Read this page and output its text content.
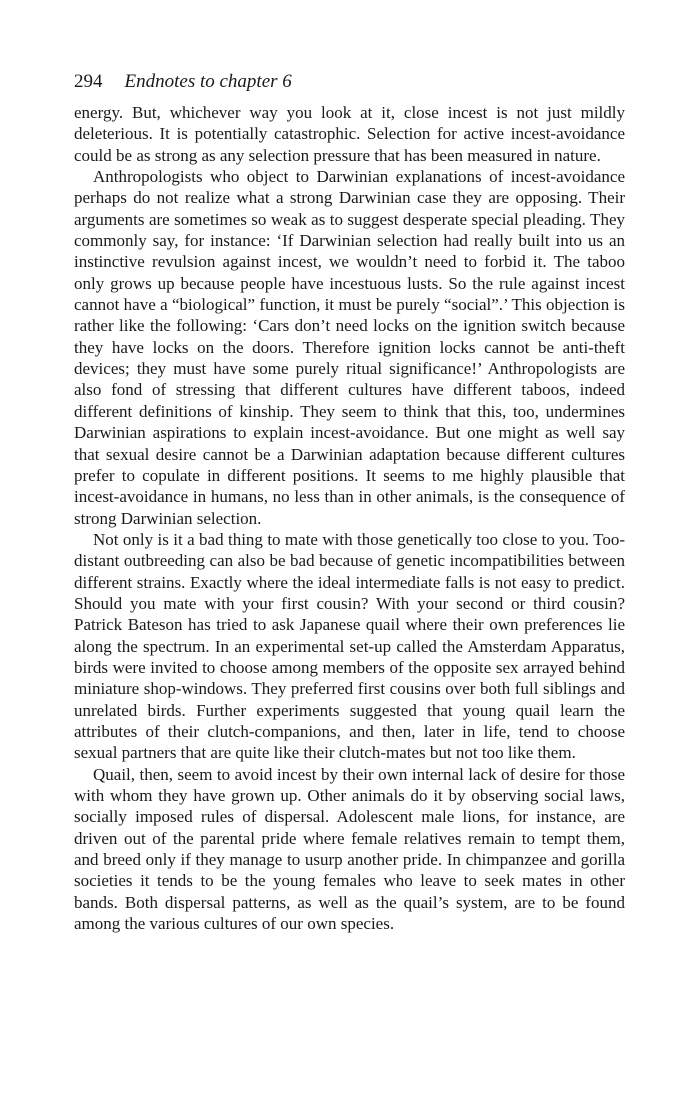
294 Endnotes to chapter 6

energy. But, whichever way you look at it, close incest is not just mildly deleterious. It is potentially catastrophic. Selection for active incest-avoidance could be as strong as any selection pressure that has been measured in nature.

Anthropologists who object to Darwinian explanations of incest-avoidance perhaps do not realize what a strong Darwinian case they are opposing. Their arguments are sometimes so weak as to suggest desperate special pleading. They commonly say, for instance: ‘If Darwinian selection had really built into us an instinctive revulsion against incest, we wouldn’t need to forbid it. The taboo only grows up because people have incestuous lusts. So the rule against incest cannot have a “biological” function, it must be purely “social”.’ This objection is rather like the following: ‘Cars don’t need locks on the ignition switch because they have locks on the doors. Therefore ignition locks cannot be anti-theft devices; they must have some purely ritual significance!’ Anthropologists are also fond of stressing that different cultures have different taboos, indeed different definitions of kinship. They seem to think that this, too, undermines Darwinian aspirations to explain incest-avoidance. But one might as well say that sexual desire cannot be a Darwinian adaptation because different cultures prefer to copulate in different positions. It seems to me highly plausible that incest-avoidance in humans, no less than in other animals, is the consequence of strong Darwinian selection.

Not only is it a bad thing to mate with those genetically too close to you. Too-distant outbreeding can also be bad because of genetic incompatibilities between different strains. Exactly where the ideal intermediate falls is not easy to predict. Should you mate with your first cousin? With your second or third cousin? Patrick Bateson has tried to ask Japanese quail where their own preferences lie along the spectrum. In an experimental set-up called the Amsterdam Apparatus, birds were invited to choose among members of the opposite sex arrayed behind miniature shop-windows. They preferred first cousins over both full siblings and unrelated birds. Further experiments suggested that young quail learn the attributes of their clutch-companions, and then, later in life, tend to choose sexual partners that are quite like their clutch-mates but not too like them.

Quail, then, seem to avoid incest by their own internal lack of desire for those with whom they have grown up. Other animals do it by observing social laws, socially imposed rules of dispersal. Adolescent male lions, for instance, are driven out of the parental pride where female relatives remain to tempt them, and breed only if they manage to usurp another pride. In chimpanzee and gorilla societies it tends to be the young females who leave to seek mates in other bands. Both dispersal patterns, as well as the quail’s system, are to be found among the various cultures of our own species.
